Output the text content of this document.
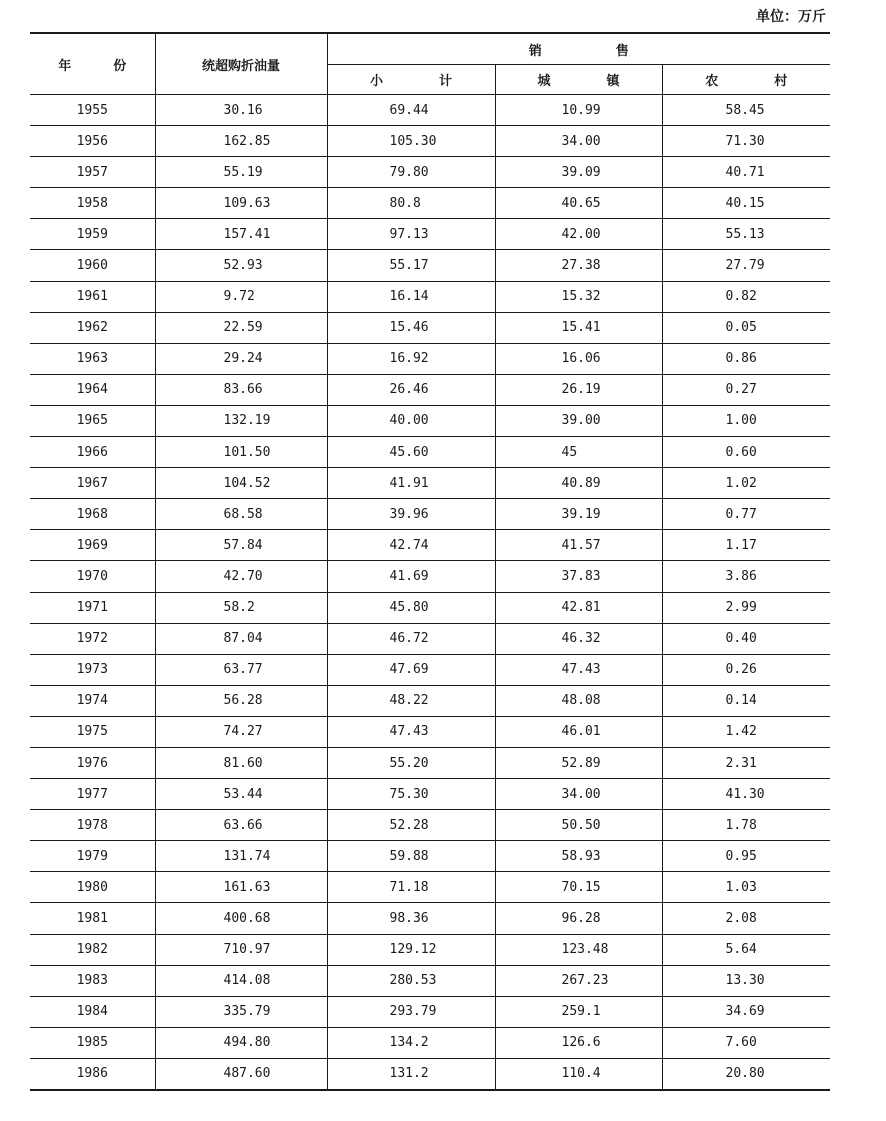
单位：万斤
年 份	统超购折油量	销 售		
		小 计	城 镇	农 村
1955	30.16	69.44	10.99	58.45
1956	162.85	105.30	34.00	71.30
1957	55.19	79.80	39.09	40.71
1958	109.63	80.8	40.65	40.15
1959	157.41	97.13	42.00	55.13
1960	52.93	55.17	27.38	27.79
1961	9.72	16.14	15.32	0.82
1962	22.59	15.46	15.41	0.05
1963	29.24	16.92	16.06	0.86
1964	83.66	26.46	26.19	0.27
1965	132.19	40.00	39.00	1.00
1966	101.50	45.60	45	0.60
1967	104.52	41.91	40.89	1.02
1968	68.58	39.96	39.19	0.77
1969	57.84	42.74	41.57	1.17
1970	42.70	41.69	37.83	3.86
1971	58.2	45.80	42.81	2.99
1972	87.04	46.72	46.32	0.40
1973	63.77	47.69	47.43	0.26
1974	56.28	48.22	48.08	0.14
1975	74.27	47.43	46.01	1.42
1976	81.60	55.20	52.89	2.31
1977	53.44	75.30	34.00	41.30
1978	63.66	52.28	50.50	1.78
1979	131.74	59.88	58.93	0.95
1980	161.63	71.18	70.15	1.03
1981	400.68	98.36	96.28	2.08
1982	710.97	129.12	123.48	5.64
1983	414.08	280.53	267.23	13.30
1984	335.79	293.79	259.1	34.69
1985	494.80	134.2	126.6	7.60
1986	487.60	131.2	110.4	20.80
